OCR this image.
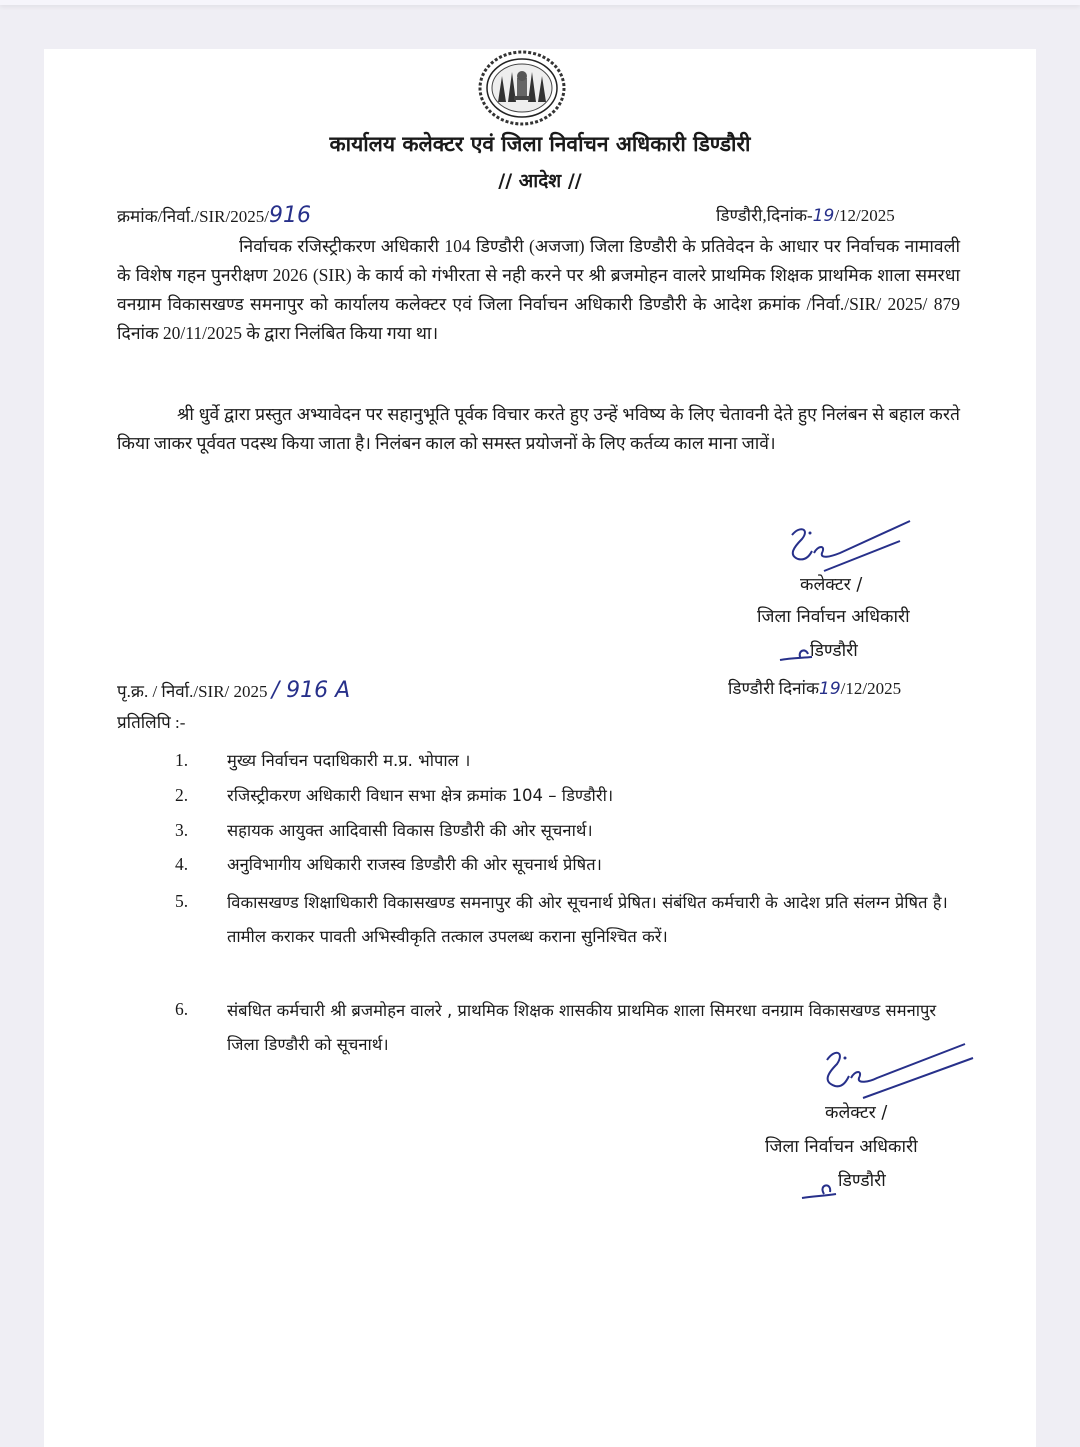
कार्यालय कलेक्टर एवं जिला निर्वाचन अधिकारी डिण्डौरी
// आदेश //
क्रमांक/निर्वा./SIR/2025/916	डिण्डौरी,दिनांक-19/12/2025
निर्वाचक रजिस्ट्रीकरण अधिकारी 104 डिण्डौरी (अजजा) जिला डिण्डौरी के प्रतिवेदन के आधार पर निर्वाचक नामावली के विशेष गहन पुनरीक्षण 2026 (SIR) के कार्य को गंभीरता से नही करने पर श्री ब्रजमोहन वालरे प्राथमिक शिक्षक प्राथमिक शाला समरधा वनग्राम विकासखण्ड समनापुर को कार्यालय कलेक्टर एवं जिला निर्वाचन अधिकारी डिण्डौरी के आदेश क्रमांक /निर्वा./SIR/ 2025/ 879 दिनांक 20/11/2025 के द्वारा निलंबित किया गया था।
श्री धुर्वे द्वारा प्रस्तुत अभ्यावेदन पर सहानुभूति पूर्वक विचार करते हुए उन्हें भविष्य के लिए चेतावनी देते हुए निलंबन से बहाल करते किया जाकर पूर्ववत पदस्थ किया जाता है। निलंबन काल को समस्त प्रयोजनों के लिए कर्तव्य काल माना जावें।
कलेक्टर /
जिला निर्वाचन अधिकारी
डिण्डौरी
पृ.क्र. / निर्वा./SIR/ 2025 / 916 A	डिण्डौरी दिनांक19/12/2025
प्रतिलिपि :-
1.	मुख्य निर्वाचन पदाधिकारी म.प्र. भोपाल ।
2.	रजिस्ट्रीकरण अधिकारी विधान सभा क्षेत्र क्रमांक 104 – डिण्डौरी।
3.	सहायक आयुक्त आदिवासी विकास डिण्डौरी की ओर सूचनार्थ।
4.	अनुविभागीय अधिकारी राजस्व डिण्डौरी की ओर सूचनार्थ प्रेषित।
5.	विकासखण्ड शिक्षाधिकारी विकासखण्ड समनापुर की ओर सूचनार्थ प्रेषित। संबंधित कर्मचारी के आदेश प्रति संलग्न प्रेषित है। तामील कराकर पावती अभिस्वीकृति तत्काल उपलब्ध कराना सुनिश्चित करें।
6.	संबधित कर्मचारी श्री ब्रजमोहन वालरे , प्राथमिक शिक्षक शासकीय प्राथमिक शाला सिमरधा वनग्राम विकासखण्ड समनापुर जिला डिण्डौरी को सूचनार्थ।
कलेक्टर /
जिला निर्वाचन अधिकारी
डिण्डौरी
